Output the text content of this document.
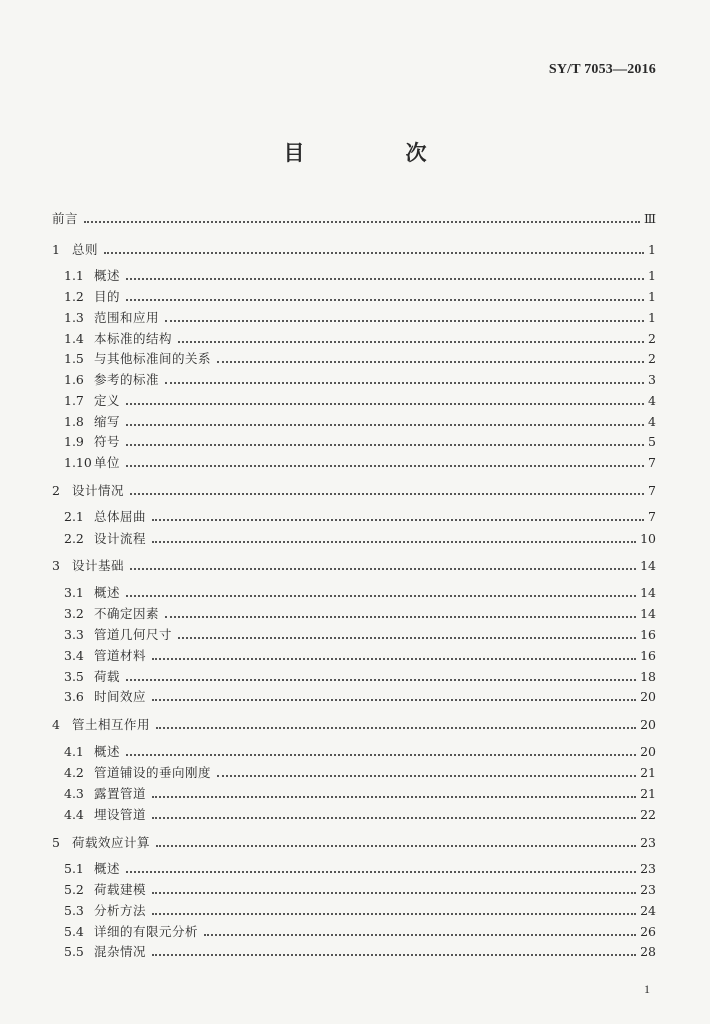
SY/T 7053—2016
目　次
前言	Ⅲ
1 总则	1
1.1 概述	1
1.2 目的	1
1.3 范围和应用	1
1.4 本标准的结构	2
1.5 与其他标准间的关系	2
1.6 参考的标准	3
1.7 定义	4
1.8 缩写	4
1.9 符号	5
1.10 单位	7
2 设计情况	7
2.1 总体屈曲	7
2.2 设计流程	10
3 设计基础	14
3.1 概述	14
3.2 不确定因素	14
3.3 管道几何尺寸	16
3.4 管道材料	16
3.5 荷载	18
3.6 时间效应	20
4 管土相互作用	20
4.1 概述	20
4.2 管道铺设的垂向刚度	21
4.3 露置管道	21
4.4 埋设管道	22
5 荷载效应计算	23
5.1 概述	23
5.2 荷载建模	23
5.3 分析方法	24
5.4 详细的有限元分析	26
5.5 混杂情况	28
1
